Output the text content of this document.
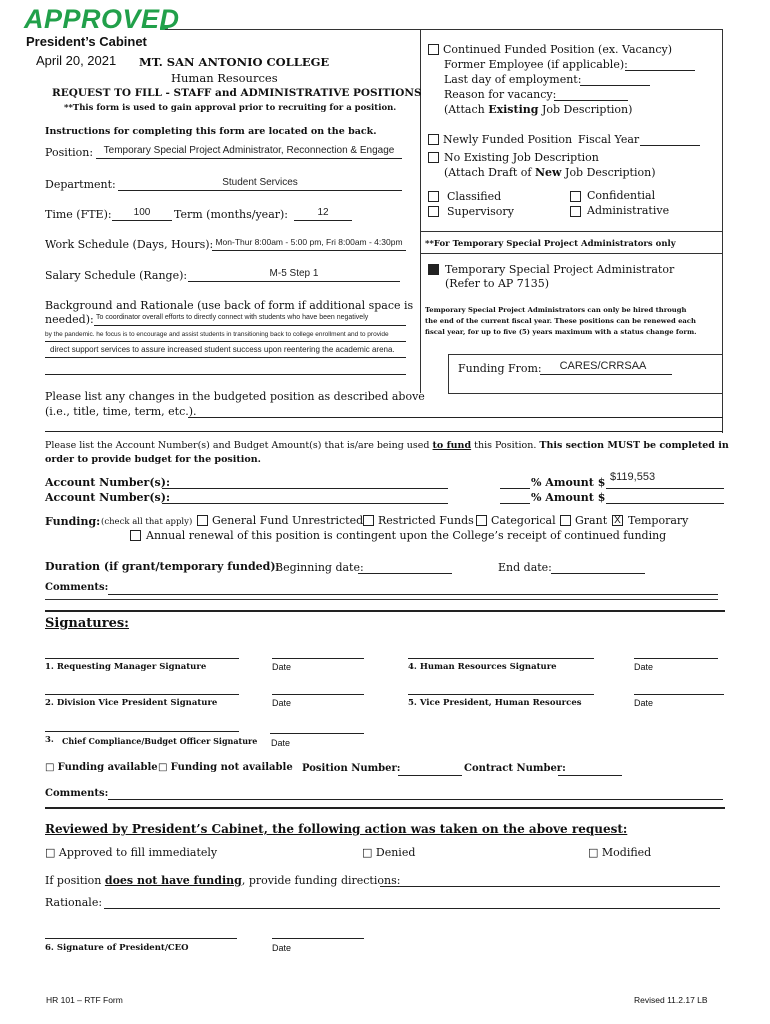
APPROVED
President’s Cabinet
April 20, 2021 MT. SAN ANTONIO COLLEGE
Human Resources
REQUEST TO FILL - STAFF and ADMINISTRATIVE POSITIONS
**This form is used to gain approval prior to recruiting for a position.
Instructions for completing this form are located on the back.
Position:	Temporary Special Project Administrator, Reconnection & Engage
Department:	Student Services
Time (FTE):	100	Term (months/year):	12
Work Schedule (Days, Hours): Mon-Thur 8:00am - 5:00 pm, Fri 8:00am - 4:30pm
Salary Schedule (Range):	M-5 Step 1
Background and Rationale (use back of form if additional space is
needed): To coordinator overall efforts to directly connect with students who have been negatively
by the pandemic. he focus is to encourage and assist students in transitioning back to college enrollment and to provide
direct support services to assure increased student success upon reentering the academic arena.
Continued Funded Position (ex. Vacancy)
Former Employee (if applicable):
Last day of employment:
Reason for vacancy:
(Attach Existing Job Description)
Newly Funded Position Fiscal Year
No Existing Job Description
(Attach Draft of New Job Description)
Classified
Supervisory
Confidential
Administrative
**For Temporary Special Project Administrators only
Temporary Special Project Administrator
(Refer to AP 7135)
Temporary Special Project Administrators can only be hired through
the end of the current fiscal year. These positions can be renewed each
fiscal year, for up to five (5) years maximum with a status change form.
Funding From:	CARES/CRRSAA
Please list any changes in the budgeted position as described above
(i.e., title, time, term, etc.).
Please list the Account Number(s) and Budget Amount(s) that is/are being used to fund this Position. This section MUST be completed in
order to provide budget for the position.
Account Number(s):	% Amount $ $119,553
Account Number(s):	% Amount $
Funding: (check all that apply) General Fund Unrestricted Restricted Funds Categorical Grant X Temporary
Annual renewal of this position is contingent upon the College’s receipt of continued funding
Duration (if grant/temporary funded):
Beginning date:	End date:
Comments:
Signatures:
1. Requesting Manager Signature	Date	4. Human Resources Signature	Date
2. Division Vice President Signature	Date	5. Vice President, Human Resources	Date
3. Chief Compliance/Budget Officer Signature Date
□ Funding available □ Funding not available Position Number:	Contract Number:
Comments:
Reviewed by President’s Cabinet, the following action was taken on the above request:
□ Approved to fill immediately	□ Denied	□ Modified
If position does not have funding, provide funding directions:
Rationale:
6. Signature of President/CEO	Date
HR 101 – RTF Form	Revised 11.2.17 LB
